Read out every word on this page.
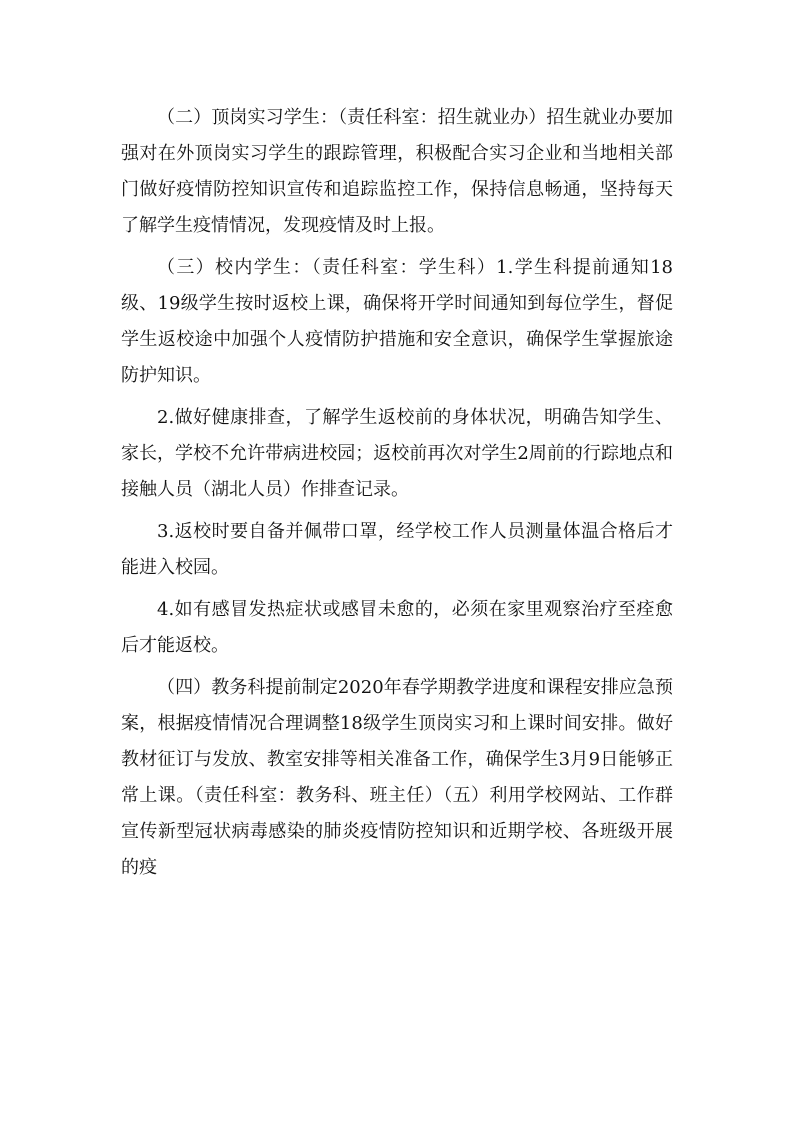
（二）顶岗实习学生：（责任科室：招生就业办）招生就业办要加强对在外顶岗实习学生的跟踪管理，积极配合实习企业和当地相关部门做好疫情防控知识宣传和追踪监控工作，保持信息畅通，坚持每天了解学生疫情情况，发现疫情及时上报。

（三）校内学生：（责任科室：学生科）1.学生科提前通知18级、19级学生按时返校上课，确保将开学时间通知到每位学生，督促学生返校途中加强个人疫情防护措施和安全意识，确保学生掌握旅途防护知识。

2.做好健康排查，了解学生返校前的身体状况，明确告知学生、家长，学校不允许带病进校园；返校前再次对学生2周前的行踪地点和接触人员（湖北人员）作排查记录。

3.返校时要自备并佩带口罩，经学校工作人员测量体温合格后才能进入校园。

4.如有感冒发热症状或感冒未愈的，必须在家里观察治疗至痊愈后才能返校。

（四）教务科提前制定2020年春学期教学进度和课程安排应急预案，根据疫情情况合理调整18级学生顶岗实习和上课时间安排。做好教材征订与发放、教室安排等相关准备工作，确保学生3月9日能够正常上课。（责任科室：教务科、班主任）（五）利用学校网站、工作群宣传新型冠状病毒感染的肺炎疫情防控知识和近期学校、各班级开展的疫
